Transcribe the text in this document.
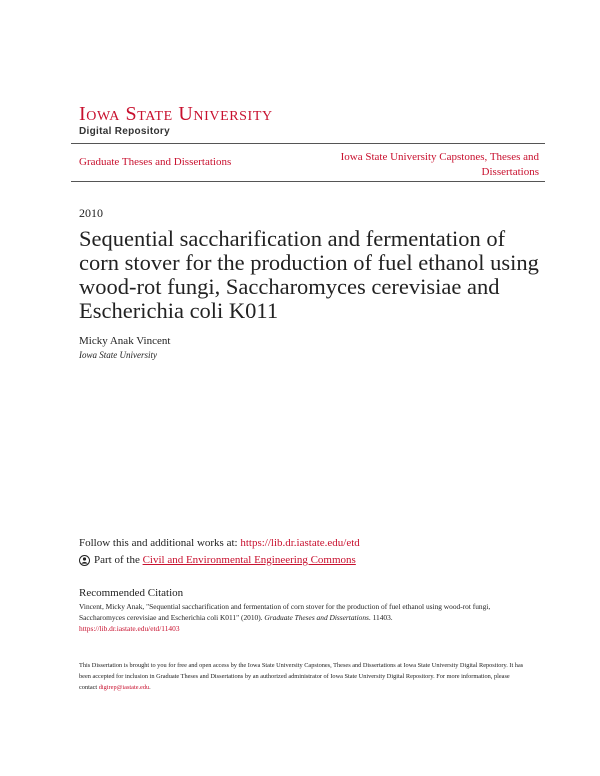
Iowa State University
Digital Repository
Graduate Theses and Dissertations	Iowa State University Capstones, Theses and Dissertations
2010
Sequential saccharification and fermentation of corn stover for the production of fuel ethanol using wood-rot fungi, Saccharomyces cerevisiae and Escherichia coli K011
Micky Anak Vincent
Iowa State University
Follow this and additional works at: https://lib.dr.iastate.edu/etd
Part of the
Civil and Environmental Engineering Commons
Recommended Citation
Vincent, Micky Anak, "Sequential saccharification and fermentation of corn stover for the production of fuel ethanol using wood-rot fungi, Saccharomyces cerevisiae and Escherichia coli K011" (2010). Graduate Theses and Dissertations. 11403.
https://lib.dr.iastate.edu/etd/11403
This Dissertation is brought to you for free and open access by the Iowa State University Capstones, Theses and Dissertations at Iowa State University Digital Repository. It has been accepted for inclusion in Graduate Theses and Dissertations by an authorized administrator of Iowa State University Digital Repository. For more information, please contact digirep@iastate.edu.
